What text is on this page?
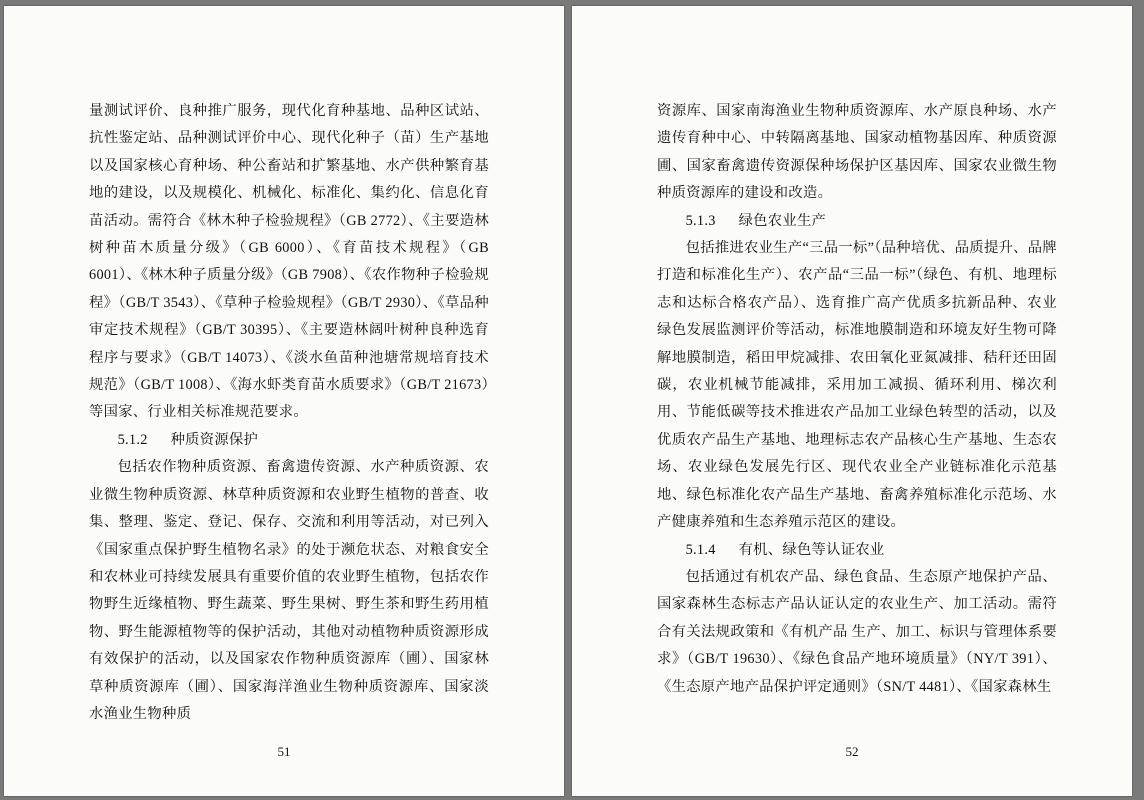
量测试评价、良种推广服务，现代化育种基地、品种区试站、抗性鉴定站、品种测试评价中心、现代化种子（苗）生产基地以及国家核心育种场、种公畜站和扩繁基地、水产供种繁育基地的建设，以及规模化、机械化、标准化、集约化、信息化育苗活动。需符合《林木种子检验规程》（GB 2772）、《主要造林树种苗木质量分级》（GB 6000）、《育苗技术规程》（GB 6001）、《林木种子质量分级》（GB 7908）、《农作物种子检验规程》（GB/T 3543）、《草种子检验规程》（GB/T 2930）、《草品种审定技术规程》（GB/T 30395）、《主要造林阔叶树种良种选育程序与要求》（GB/T 14073）、《淡水鱼苗种池塘常规培育技术规范》（GB/T 1008）、《海水虾类育苗水质要求》（GB/T 21673）等国家、行业相关标准规范要求。

5.1.2 种质资源保护

包括农作物种质资源、畜禽遗传资源、水产种质资源、农业微生物种质资源、林草种质资源和农业野生植物的普查、收集、整理、鉴定、登记、保存、交流和利用等活动，对已列入《国家重点保护野生植物名录》的处于濒危状态、对粮食安全和农林业可持续发展具有重要价值的农业野生植物，包括农作物野生近缘植物、野生蔬菜、野生果树、野生茶和野生药用植物、野生能源植物等的保护活动，其他对动植物种质资源形成有效保护的活动，以及国家农作物种质资源库（圃）、国家林草种质资源库（圃）、国家海洋渔业生物种质资源库、国家淡水渔业生物种质

51

资源库、国家南海渔业生物种质资源库、水产原良种场、水产遗传育种中心、中转隔离基地、国家动植物基因库、种质资源圃、国家畜禽遗传资源保种场保护区基因库、国家农业微生物种质资源库的建设和改造。

5.1.3 绿色农业生产

包括推进农业生产“三品一标”（品种培优、品质提升、品牌打造和标准化生产）、农产品“三品一标”（绿色、有机、地理标志和达标合格农产品）、选育推广高产优质多抗新品种、农业绿色发展监测评价等活动，标准地膜制造和环境友好生物可降解地膜制造，稻田甲烷减排、农田氧化亚氮减排、秸秆还田固碳，农业机械节能减排，采用加工减损、循环利用、梯次利用、节能低碳等技术推进农产品加工业绿色转型的活动，以及优质农产品生产基地、地理标志农产品核心生产基地、生态农场、农业绿色发展先行区、现代农业全产业链标准化示范基地、绿色标准化农产品生产基地、畜禽养殖标准化示范场、水产健康养殖和生态养殖示范区的建设。

5.1.4 有机、绿色等认证农业

包括通过有机农产品、绿色食品、生态原产地保护产品、国家森林生态标志产品认证认定的农业生产、加工活动。需符合有关法规政策和《有机产品 生产、加工、标识与管理体系要求》（GB/T 19630）、《绿色食品产地环境质量》（NY/T 391）、《生态原产地产品保护评定通则》（SN/T 4481）、《国家森林生

52
